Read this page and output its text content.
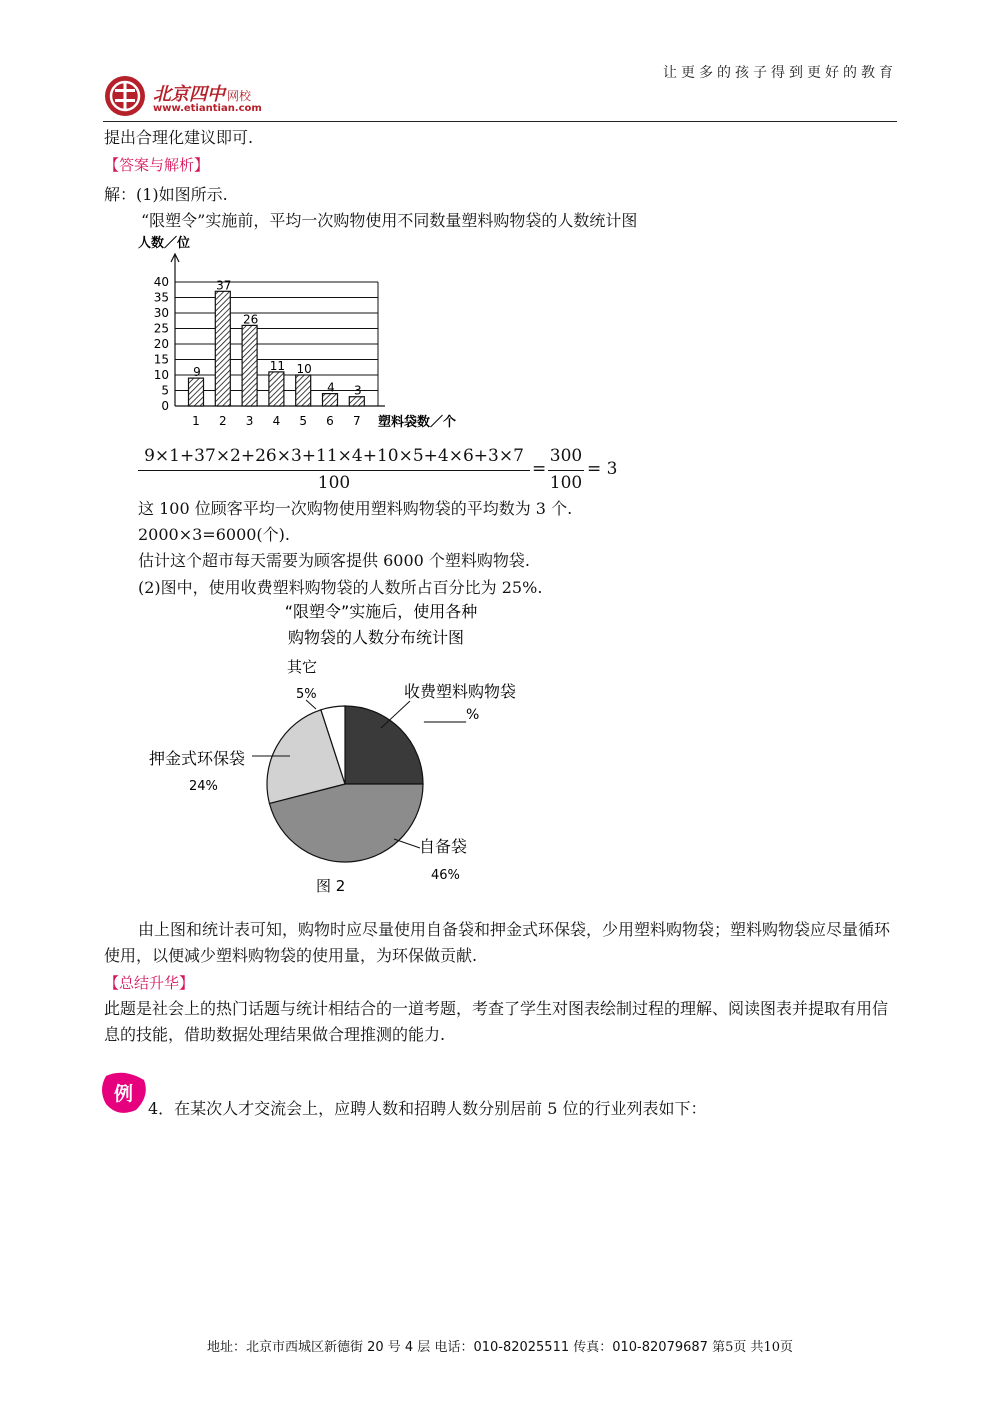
让更多的孩子得到更好的教育
北京四中 网校
www.etiantian.com
提出合理化建议即可.
【答案与解析】
解：(1)如图所示.
“限塑令”实施前，平均一次购物使用不同数量塑料购物袋的人数统计图
0
5
10
15
20
25
30
35
40
9
1
37
2
26
3
11
4
10
5
4
6
3
7
人数／位
塑料袋数／个
9×1+37×2+26×3+11×4+10×5+4×6+3×7
100
=
300
100
= 3
这 100 位顾客平均一次购物使用塑料购物袋的平均数为 3 个.
2000×3=6000(个).
估计这个超市每天需要为顾客提供 6000 个塑料购物袋.
(2)图中，使用收费塑料购物袋的人数所占百分比为 25%.
“限塑令”实施后，使用各种
购物袋的人数分布统计图
其它
5%	收费塑料购物袋
______%
押金式环保袋
24%
自备袋
46%
图 2
由上图和统计表可知，购物时应尽量使用自备袋和押金式环保袋，少用塑料购物袋；塑料购物袋应尽量循环使用，以便减少塑料购物袋的使用量，为环保做贡献.
【总结升华】
此题是社会上的热门话题与统计相结合的一道考题，考查了学生对图表绘制过程的理解、阅读图表并提取有用信息的技能，借助数据处理结果做合理推测的能力.
例
4．在某次人才交流会上，应聘人数和招聘人数分别居前 5 位的行业列表如下：
地址：北京市西城区新德街 20 号 4 层 电话：010-82025511 传真：010-82079687 第5页 共10页
